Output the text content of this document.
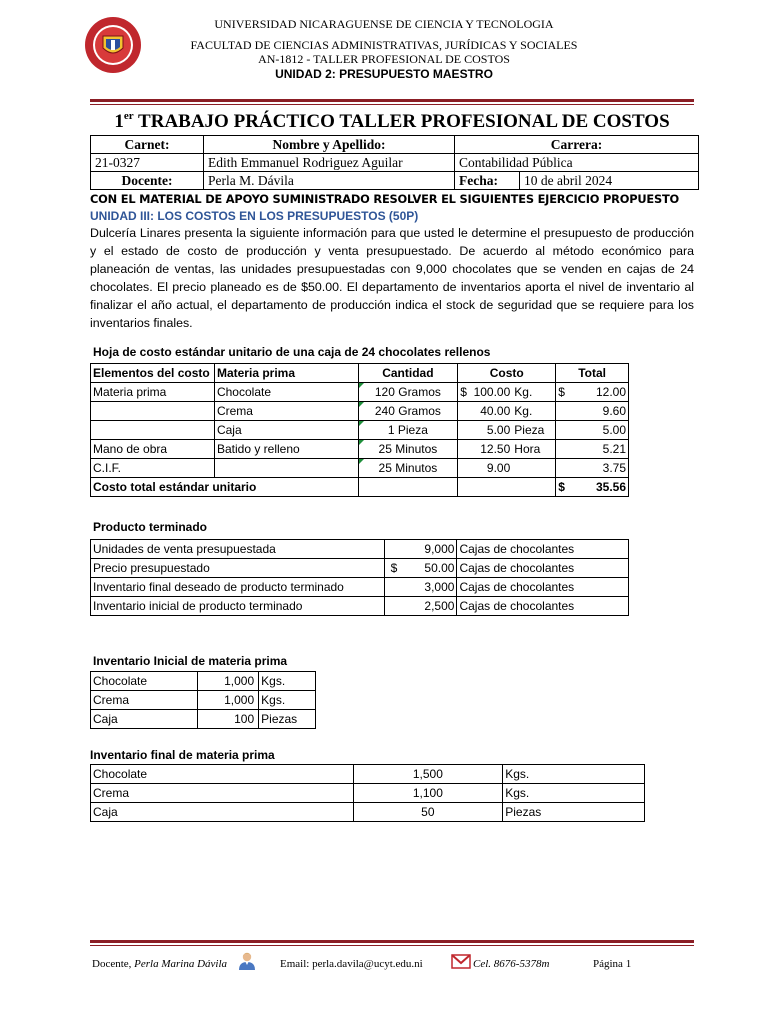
UNIVERSIDAD NICARAGUENSE DE CIENCIA Y TECNOLOGIA
FACULTAD DE CIENCIAS ADMINISTRATIVAS, JURÍDICAS Y SOCIALES
AN-1812 - TALLER PROFESIONAL DE COSTOS
UNIDAD 2: PRESUPUESTO MAESTRO
1er TRABAJO PRÁCTICO TALLER PROFESIONAL DE COSTOS
Carnet:	Nombre y Apellido:	Carrera:	
21-0327	Edith Emmanuel Rodriguez Aguilar	Contabilidad Pública	
Docente:	Perla M. Dávila	Fecha:	10 de abril 2024
CON EL MATERIAL DE APOYO SUMINISTRADO RESOLVER EL SIGUIENTES EJERCICIO PROPUESTO
UNIDAD III: LOS COSTOS EN LOS PRESUPUESTOS (50P)
Dulcería Linares presenta la siguiente información para que usted le determine el presupuesto de producción y el estado de costo de producción y venta presupuestado. De acuerdo al método económico para planeación de ventas, las unidades presupuestadas con 9,000 chocolates que se venden en cajas de 24 chocolates. El precio planeado es de $50.00. El departamento de inventarios aporta el nivel de inventario al finalizar el año actual, el departamento de producción indica el stock de seguridad que se requiere para los inventarios finales.
Hoja de costo estándar unitario de una caja de 24 chocolates rellenos
Elementos del costo	Materia prima	Cantidad	Costo	Total
Materia prima	Chocolate	120 Gramos	$ 100.00 Kg.	$ 12.00

	Crema	240 Gramos	40.00 Kg.	9.60

	Caja	1 Pieza	5.00 Pieza	5.00

Mano de obra	Batido y relleno	25 Minutos	12.50 Hora	5.21

C.I.F.		25 Minutos	9.00	3.75

Costo total estándar unitario				$ 35.56
Producto terminado
Unidades de venta presupuestada	9,000	Cajas de chocolantes
Precio presupuestado	$ 50.00	Cajas de chocolantes
Inventario final deseado de producto terminado	3,000	Cajas de chocolantes
Inventario inicial de producto terminado	2,500	Cajas de chocolantes
Inventario Inicial de materia prima
Chocolate	1,000	Kgs.
Crema	1,000	Kgs.
Caja	100	Piezas
Inventario final de materia prima
Chocolate	1,500	Kgs.
Crema	1,100	Kgs.
Caja	50	Piezas
Docente, Perla Marina Dávila	Email: perla.davila@ucyt.edu.ni	Cel. 8676-5378m	Página 1
